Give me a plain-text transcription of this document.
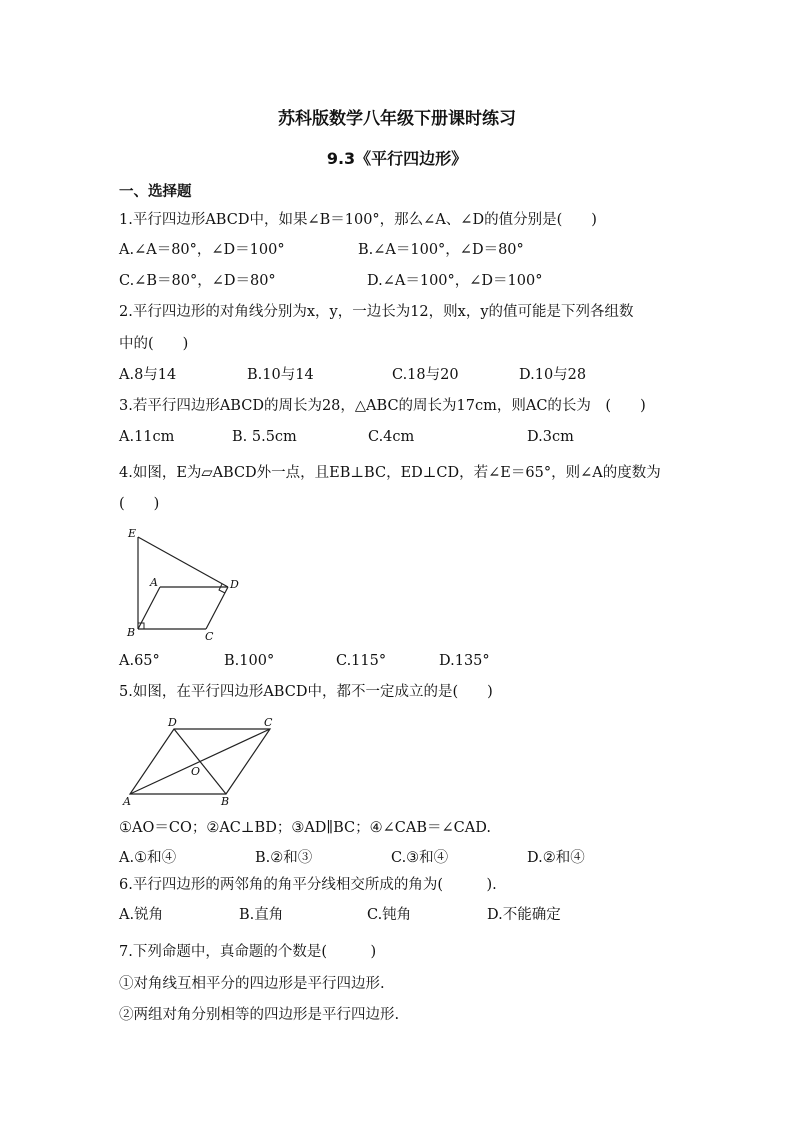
苏科版数学八年级下册课时练习
9.3《平行四边形》
一、选择题
1.平行四边形ABCD中，如果∠B＝100°，那么∠A、∠D的值分别是(　　)
A.∠A＝80°，∠D＝100°	B.∠A＝100°，∠D＝80°
C.∠B＝80°，∠D＝80°	D.∠A＝100°，∠D＝100°
2.平行四边形的对角线分别为x，y，一边长为12，则x，y的值可能是下列各组数
中的(　　)
A.8与14	B.10与14	C.18与20	D.10与28
3.若平行四边形ABCD的周长为28，△ABC的周长为17cm，则AC的长为　(　　)
A.11cm	B. 5.5cm	C.4cm	D.3cm
4.如图，E为▱ABCD外一点，且EB⊥BC，ED⊥CD，若∠E＝65°，则∠A的度数为
(　　)
E
A	D
B	C
A.65°	B.100°	C.115°	D.135°
5.如图，在平行四边形ABCD中，都不一定成立的是(　　)
D	C
O
A	B
①AO＝CO；②AC⊥BD；③AD∥BC；④∠CAB＝∠CAD.
A.①和④	B.②和③	C.③和④	D.②和④
6.平行四边形的两邻角的角平分线相交所成的角为(　　　).
A.锐角	B.直角	C.钝角	D.不能确定
7.下列命题中，真命题的个数是(　　　)
①对角线互相平分的四边形是平行四边形.
②两组对角分别相等的四边形是平行四边形.
